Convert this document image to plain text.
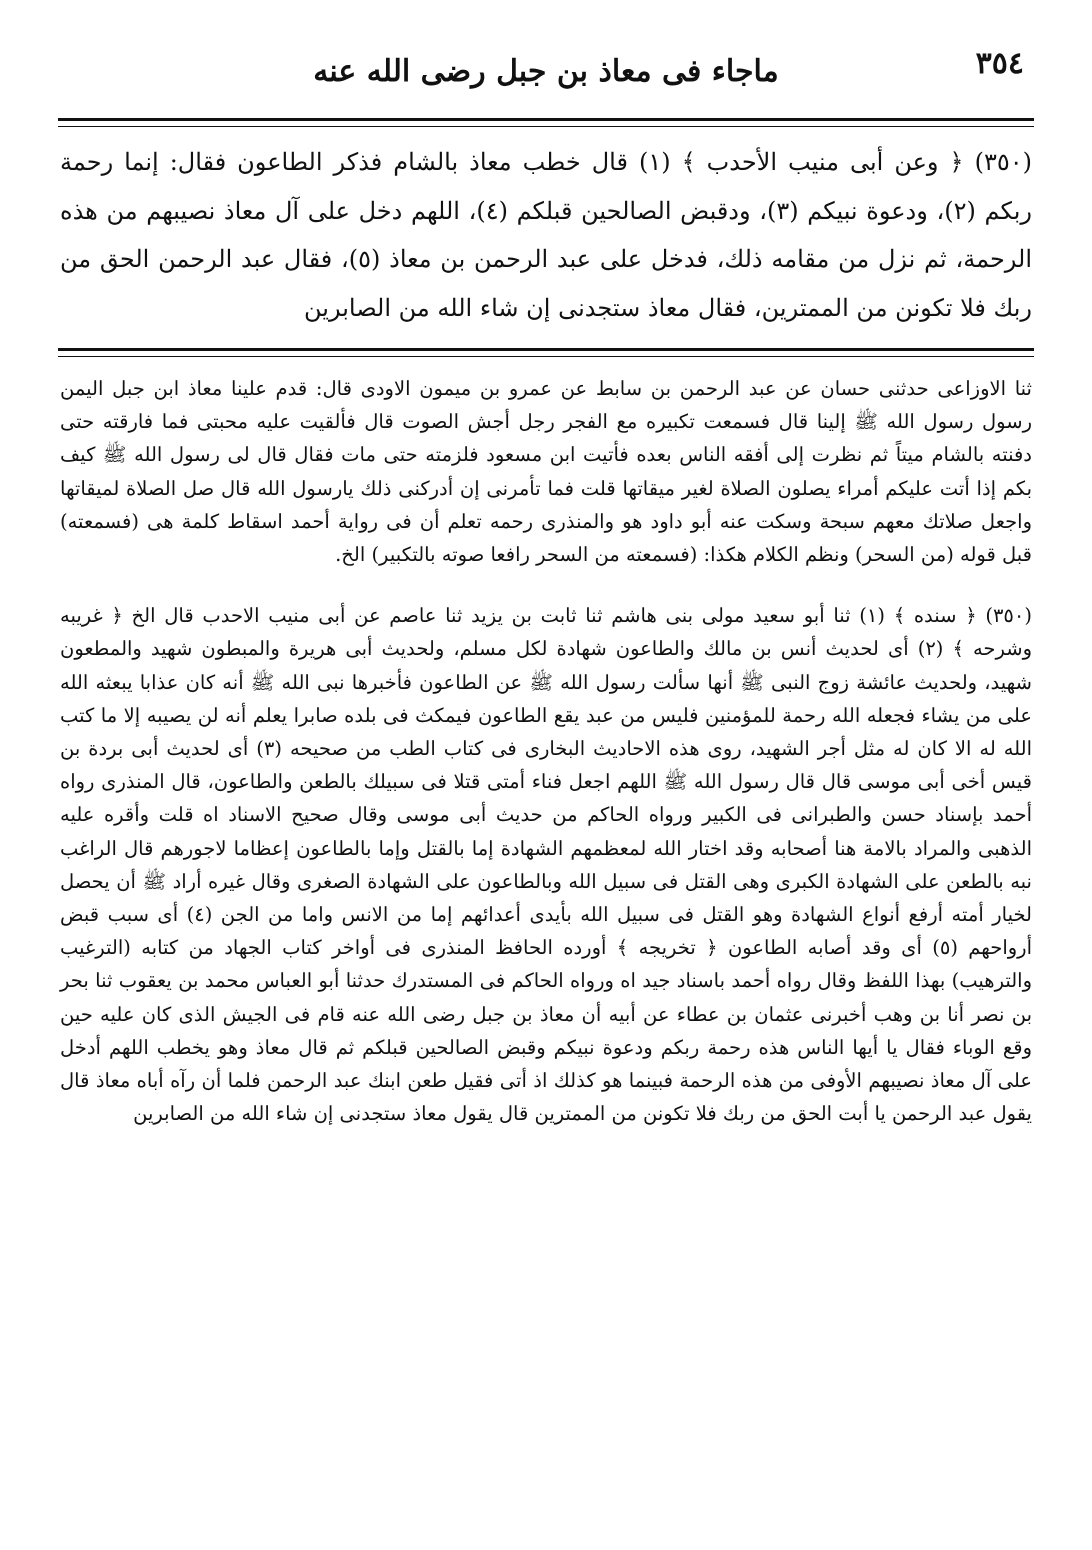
٣٥٤
ماجاء فى معاذ بن جبل رضى الله عنه
(٣٥٠) ﴿ وعن أبى منيب الأحدب ﴾ (١) قال خطب معاذ بالشام فذكر الطاعون فقال: إنما رحمة ربكم (٢)، ودعوة نبيكم (٣)، ودقبض الصالحين قبلكم (٤)، اللهم دخل على آل معاذ نصيبهم من هذه الرحمة، ثم نزل من مقامه ذلك، فدخل على عبد الرحمن بن معاذ (٥)، فقال عبد الرحمن الحق من ربك فلا تكونن من الممترين، فقال معاذ ستجدنى إن شاء الله من الصابرين

ثنا الاوزاعى حدثنى حسان عن عبد الرحمن بن سابط عن عمرو بن ميمون الاودى قال: قدم علينا معاذ ابن جبل اليمن رسول رسول الله ﷺ إلينا قال فسمعت تكبيره مع الفجر رجل أجش الصوت قال فألقيت عليه محبتى فما فارقته حتى دفنته بالشام ميتاً ثم نظرت إلى أفقه الناس بعده فأتيت ابن مسعود فلزمته حتى مات فقال قال لى رسول الله ﷺ كيف بكم إذا أتت عليكم أمراء يصلون الصلاة لغير ميقاتها قلت فما تأمرنى إن أدركنى ذلك يارسول الله قال صل الصلاة لميقاتها واجعل صلاتك معهم سبحة وسكت عنه أبو داود هو والمنذرى رحمه تعلم أن فى رواية أحمد اسقاط كلمة هى (فسمعته) قبل قوله (من السحر) ونظم الكلام هكذا: (فسمعته من السحر رافعا صوته بالتكبير) الخ.

(٣٥٠) ﴿ سنده ﴾ (١) ثنا أبو سعيد مولى بنى هاشم ثنا ثابت بن يزيد ثنا عاصم عن أبى منيب الاحدب قال الخ ﴿ غريبه وشرحه ﴾ (٢) أى لحديث أنس بن مالك والطاعون شهادة لكل مسلم، ولحديث أبى هريرة والمبطون شهيد والمطعون شهيد، ولحديث عائشة زوج النبى ﷺ أنها سألت رسول الله ﷺ عن الطاعون فأخبرها نبى الله ﷺ أنه كان عذابا يبعثه الله على من يشاء فجعله الله رحمة للمؤمنين فليس من عبد يقع الطاعون فيمكث فى بلده صابرا يعلم أنه لن يصيبه إلا ما كتب الله له الا كان له مثل أجر الشهيد، روى هذه الاحاديث البخارى فى كتاب الطب من صحيحه (٣) أى لحديث أبى بردة بن قيس أخى أبى موسى قال قال رسول الله ﷺ اللهم اجعل فناء أمتى قتلا فى سبيلك بالطعن والطاعون، قال المنذرى رواه أحمد بإسناد حسن والطبرانى فى الكبير ورواه الحاكم من حديث أبى موسى وقال صحيح الاسناد اه قلت وأقره عليه الذهبى والمراد بالامة هنا أصحابه وقد اختار الله لمعظمهم الشهادة إما بالقتل وإما بالطاعون إعظاما لاجورهم قال الراغب نبه بالطعن على الشهادة الكبرى وهى القتل فى سبيل الله وبالطاعون على الشهادة الصغرى وقال غيره أراد ﷺ أن يحصل لخيار أمته أرفع أنواع الشهادة وهو القتل فى سبيل الله بأيدى أعدائهم إما من الانس واما من الجن (٤) أى سبب قبض أرواحهم (٥) أى وقد أصابه الطاعون ﴿ تخريجه ﴾ أورده الحافظ المنذرى فى أواخر كتاب الجهاد من كتابه (الترغيب والترهيب) بهذا اللفظ وقال رواه أحمد باسناد جيد اه ورواه الحاكم فى المستدرك حدثنا أبو العباس محمد بن يعقوب ثنا بحر بن نصر أنا بن وهب أخبرنى عثمان بن عطاء عن أبيه أن معاذ بن جبل رضى الله عنه قام فى الجيش الذى كان عليه حين وقع الوباء فقال يا أيها الناس هذه رحمة ربكم ودعوة نبيكم وقبض الصالحين قبلكم ثم قال معاذ وهو يخطب اللهم أدخل على آل معاذ نصيبهم الأوفى من هذه الرحمة فبينما هو كذلك اذ أتى فقيل طعن ابنك عبد الرحمن فلما أن رآه أباه معاذ قال يقول عبد الرحمن يا أبت الحق من ربك فلا تكونن من الممترين قال يقول معاذ ستجدنى إن شاء الله من الصابرين
